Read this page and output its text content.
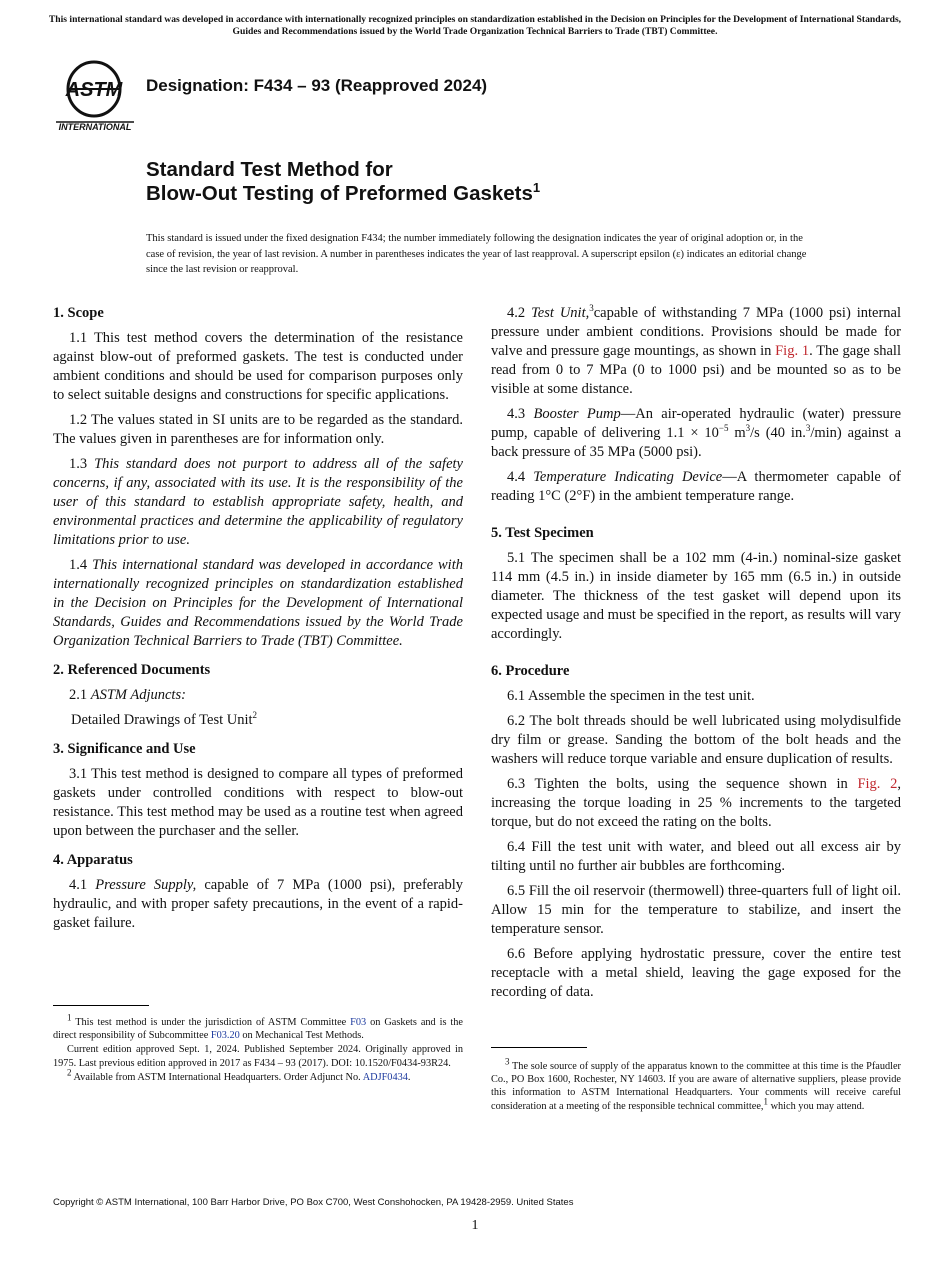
This international standard was developed in accordance with internationally recognized principles on standardization established in the Decision on Principles for the Development of International Standards, Guides and Recommendations issued by the World Trade Organization Technical Barriers to Trade (TBT) Committee.
ASTM
INTERNATIONAL
Designation: F434 – 93 (Reapproved 2024)
Standard Test Method for
Blow-Out Testing of Preformed Gaskets$^1$
This standard is issued under the fixed designation F434; the number immediately following the designation indicates the year of original adoption or, in the case of revision, the year of last revision. A number in parentheses indicates the year of last reapproval. A superscript epsilon (ε) indicates an editorial change since the last revision or reapproval.
1. Scope

1.1 This test method covers the determination of the resistance against blow-out of preformed gaskets. The test is conducted under ambient conditions and should be used for comparison purposes only to select suitable designs and constructions for specific applications.

1.2 The values stated in SI units are to be regarded as the standard. The values given in parentheses are for information only.

1.3 This standard does not purport to address all of the safety concerns, if any, associated with its use. It is the responsibility of the user of this standard to establish appropriate safety, health, and environmental practices and determine the applicability of regulatory limitations prior to use.

1.4 This international standard was developed in accordance with internationally recognized principles on standardization established in the Decision on Principles for the Development of International Standards, Guides and Recommendations issued by the World Trade Organization Technical Barriers to Trade (TBT) Committee.

2. Referenced Documents

2.1 ASTM Adjuncts:

Detailed Drawings of Test Unit$^2$

3. Significance and Use

3.1 This test method is designed to compare all types of preformed gaskets under controlled conditions with respect to blow-out resistance. This test method may be used as a routine test when agreed upon between the purchaser and the seller.

4. Apparatus

4.1 Pressure Supply, capable of 7 MPa (1000 psi), preferably hydraulic, and with proper safety precautions, in the event of a rapid-gasket failure.

$^1$ This test method is under the jurisdiction of ASTM Committee F03 on Gaskets and is the direct responsibility of Subcommittee F03.20 on Mechanical Test Methods.

Current edition approved Sept. 1, 2024. Published September 2024. Originally approved in 1975. Last previous edition approved in 2017 as F434 – 93 (2017). DOI: 10.1520/F0434-93R24.

$^2$ Available from ASTM International Headquarters. Order Adjunct No. ADJF0434.

4.2 Test Unit,$^3$capable of withstanding 7 MPa (1000 psi) internal pressure under ambient conditions. Provisions should be made for valve and pressure gage mountings, as shown in Fig. 1. The gage shall read from 0 to 7 MPa (0 to 1000 psi) and be mounted so as to be visible at some distance.

4.3 Booster Pump—An air-operated hydraulic (water) pressure pump, capable of delivering $1.1 \times 10^{-5}$ $m^3/s$ (40 in.$^3$/min) against a back pressure of 35 MPa (5000 psi).

4.4 Temperature Indicating Device—A thermometer capable of reading 1°C (2°F) in the ambient temperature range.

5. Test Specimen

5.1 The specimen shall be a 102 mm (4-in.) nominal-size gasket 114 mm (4.5 in.) in inside diameter by 165 mm (6.5 in.) in outside diameter. The thickness of the test gasket will depend upon its expected usage and must be specified in the report, as results will vary accordingly.

6. Procedure

6.1 Assemble the specimen in the test unit.

6.2 The bolt threads should be well lubricated using molydisulfide dry film or grease. Sanding the bottom of the bolt heads and the washers will reduce torque variable and ensure duplication of results.

6.3 Tighten the bolts, using the sequence shown in Fig. 2, increasing the torque loading in 25 % increments to the targeted torque, but do not exceed the rating on the bolts.

6.4 Fill the test unit with water, and bleed out all excess air by tilting until no further air bubbles are forthcoming.

6.5 Fill the oil reservoir (thermowell) three-quarters full of light oil. Allow 15 min for the temperature to stabilize, and insert the temperature sensor.

6.6 Before applying hydrostatic pressure, cover the entire test receptacle with a metal shield, leaving the gage exposed for the recording of data.

$^3$ The sole source of supply of the apparatus known to the committee at this time is the Pfaudler Co., PO Box 1600, Rochester, NY 14603. If you are aware of alternative suppliers, please provide this information to ASTM International Headquarters. Your comments will receive careful consideration at a meeting of the responsible technical committee,$^1$ which you may attend.

Copyright © ASTM International, 100 Barr Harbor Drive, PO Box C700, West Conshohocken, PA 19428-2959. United States
1
